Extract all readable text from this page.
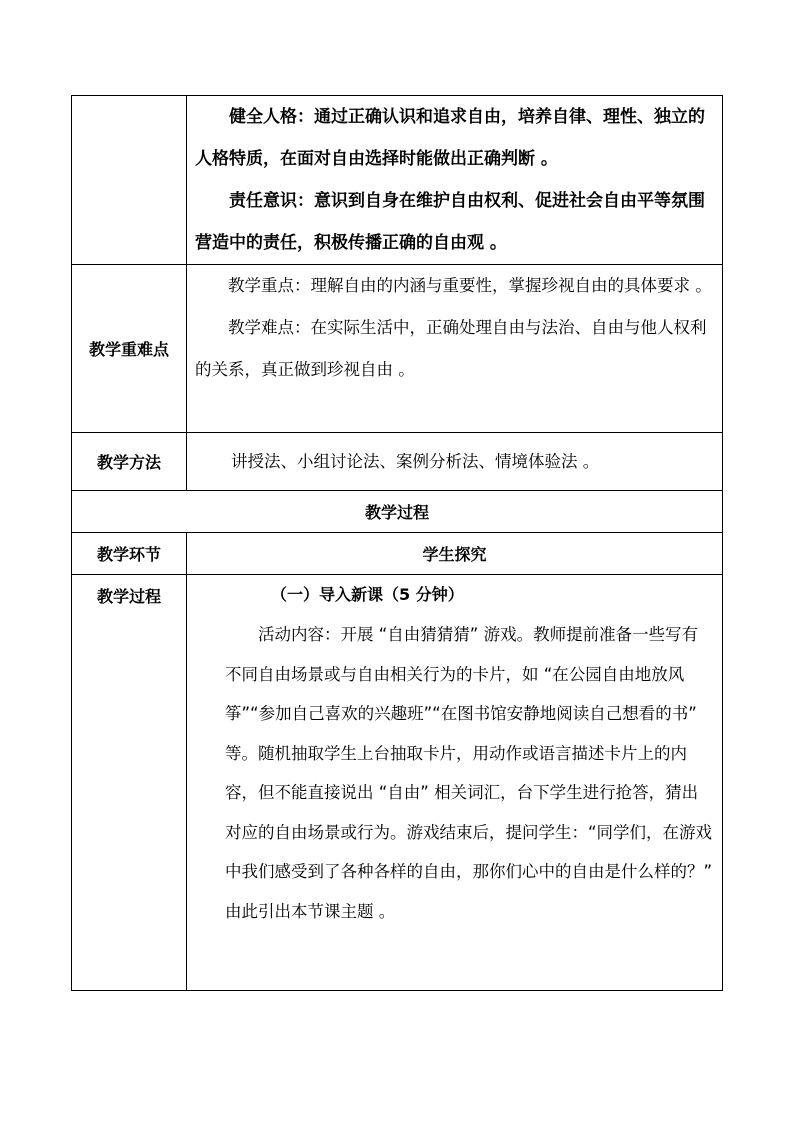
	健全人格：通过正确认识和追求自由，培养自律、理性、独立的人格特质，在面对自由选择时能做出正确判断 。

责任意识：意识到自身在维护自由权利、促进社会自由平等氛围营造中的责任，积极传播正确的自由观 。

教学重难点	教学重点：理解自由的内涵与重要性，掌握珍视自由的具体要求 。

教学难点：在实际生活中，正确处理自由与法治、自由与他人权利的关系，真正做到珍视自由 。

教学方法	讲授法、小组讨论法、案例分析法、情境体验法 。
教学过程	
教学环节	学生探究
教学过程	（一）导入新课（5 分钟）

活动内容：开展 “自由猜猜猜” 游戏。教师提前准备一些写有不同自由场景或与自由相关行为的卡片，如 “在公园自由地放风筝”“参加自己喜欢的兴趣班”“在图书馆安静地阅读自己想看的书” 等。随机抽取学生上台抽取卡片，用动作或语言描述卡片上的内容，但不能直接说出 “自由” 相关词汇，台下学生进行抢答，猜出对应的自由场景或行为。游戏结束后，提问学生：“同学们，在游戏中我们感受到了各种各样的自由，那你们心中的自由是什么样的？” 由此引出本节课主题 。
